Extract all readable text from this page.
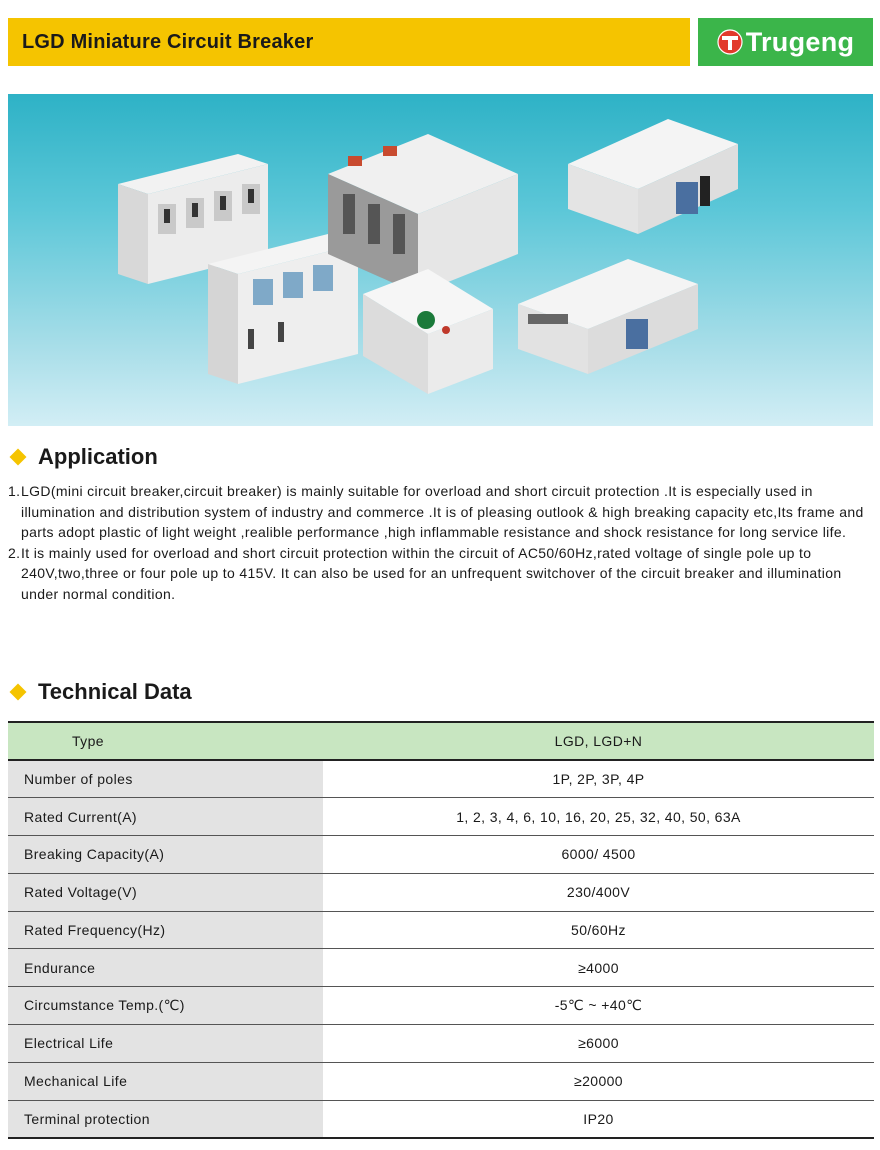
LGD Miniature Circuit Breaker	Trugeng
Application
1. LGD(mini circuit breaker,circuit breaker) is mainly suitable for overload and short circuit protection .It is especially used in illumination and distribution system of industry and commerce .It is of pleasing outlook & high breaking capacity etc,Its frame and parts adopt plastic of light weight ,realible performance ,high inflammable resistance and shock resistance for long service life.
2. It is mainly used for overload and short circuit protection within the circuit of AC50/60Hz,rated voltage of single pole up to 240V,two,three or four pole up to 415V. It can also be used for an unfrequent switchover of the circuit breaker and illumination under normal condition.
Technical Data
Type	LGD, LGD+N
Number of poles	1P, 2P, 3P, 4P
Rated Current(A)	1, 2, 3, 4, 6, 10, 16, 20, 25, 32, 40, 50, 63A
Breaking Capacity(A)	6000/ 4500
Rated Voltage(V)	230/400V
Rated Frequency(Hz)	50/60Hz
Endurance	≥4000
Circumstance Temp.(℃)	-5℃ ~ +40℃
Electrical Life	≥6000
Mechanical Life	≥20000
Terminal protection	IP20
